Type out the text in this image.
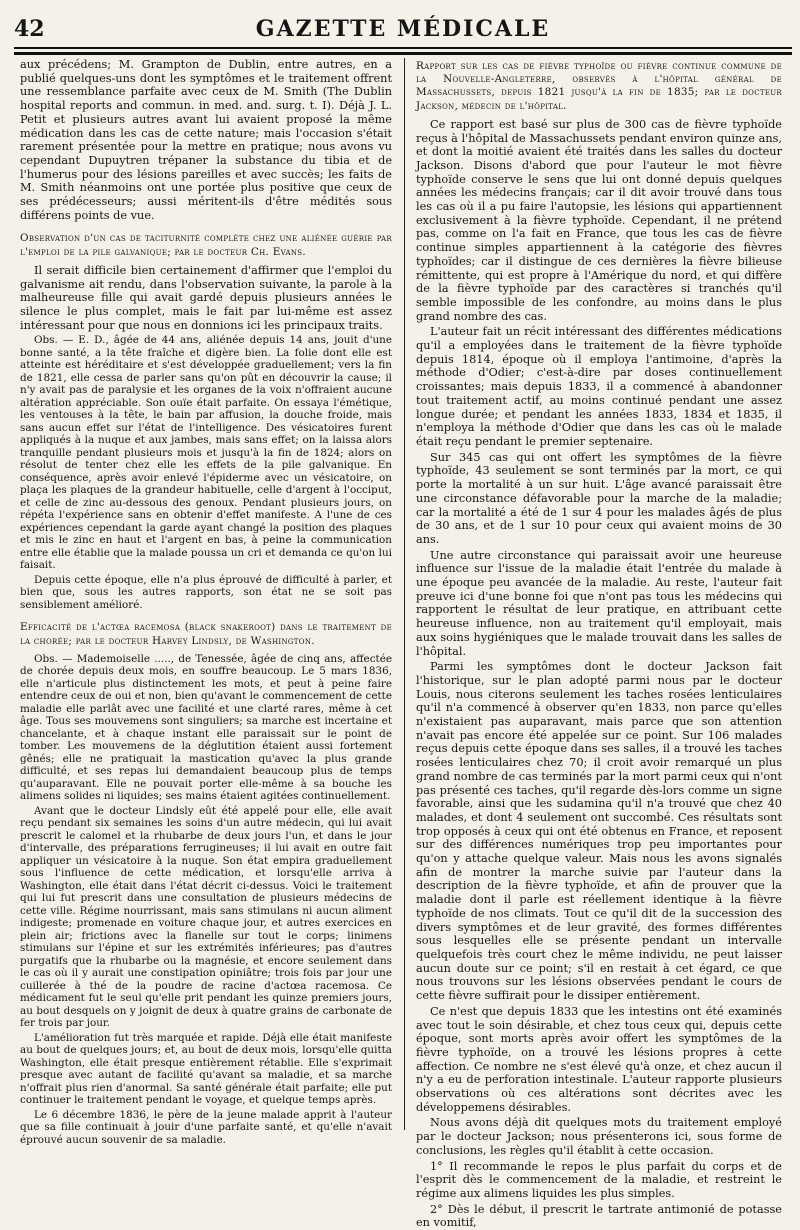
42	GAZETTE MÉDICALE

aux précédens; M. Grampton de Dublin, entre autres, en a publié quelques-uns dont les symptômes et le traitement offrent une ressemblance parfaite avec ceux de M. Smith (The Dublin hospital reports and commun. in med. and. surg. t. I). Déjà J. L. Petit et plusieurs autres avant lui avaient proposé la même médication dans les cas de cette nature; mais l'occasion s'était rarement présentée pour la mettre en pratique; nous avons vu cependant Dupuytren trépaner la substance du tibia et de l'humerus pour des lésions pareilles et avec succès; les faits de M. Smith néanmoins ont une portée plus positive que ceux de ses prédécesseurs; aussi méritent-ils d'être médités sous différens points de vue.

Observation d'un cas de taciturnité complète chez une aliénée guérie par l'emploi de la pile galvanique; par le docteur Ch. Evans.

Il serait difficile bien certainement d'affirmer que l'emploi du galvanisme ait rendu, dans l'observation suivante, la parole à la malheureuse fille qui avait gardé depuis plusieurs années le silence le plus complet, mais le fait par lui-même est assez intéressant pour que nous en donnions ici les principaux traits.

Obs. — E. D., âgée de 44 ans, aliénée depuis 14 ans, jouit d'une bonne santé, a la tête fraîche et digère bien. La folie dont elle est atteinte est héréditaire et s'est développée graduellement; vers la fin de 1821, elle cessa de parler sans qu'on pût en découvrir la cause; il n'y avait pas de paralysie et les organes de la voix n'offraient aucune altération appréciable. Son ouïe était parfaite. On essaya l'émétique, les ventouses à la tête, le bain par affusion, la douche froide, mais sans aucun effet sur l'état de l'intelligence. Des vésicatoires furent appliqués à la nuque et aux jambes, mais sans effet; on la laissa alors tranquille pendant plusieurs mois et jusqu'à la fin de 1824; alors on résolut de tenter chez elle les effets de la pile galvanique. En conséquence, après avoir enlevé l'épiderme avec un vésicatoire, on plaça les plaques de la grandeur habituelle, celle d'argent à l'occiput, et celle de zinc au-dessous des genoux. Pendant plusieurs jours, on répéta l'expérience sans en obtenir d'effet manifeste. A l'une de ces expériences cependant la garde ayant changé la position des plaques et mis le zinc en haut et l'argent en bas, à peine la communication entre elle établie que la malade poussa un cri et demanda ce qu'on lui faisait.

Depuis cette époque, elle n'a plus éprouvé de difficulté à parler, et bien que, sous les autres rapports, son état ne se soit pas sensiblement amélioré.

Efficacité de l'actœa racemosa (black snakeroot) dans le traitement de la chorée; par le docteur Harvey Lindsly, de Washington.

Obs. — Mademoiselle ....., de Tenessée, âgée de cinq ans, affectée de chorée depuis deux mois, en souffre beaucoup. Le 5 mars 1836, elle n'articule plus distinctement les mots, et peut à peine faire entendre ceux de oui et non, bien qu'avant le commencement de cette maladie elle parlât avec une facilité et une clarté rares, même à cet âge. Tous ses mouvemens sont singuliers; sa marche est incertaine et chancelante, et à chaque instant elle paraissait sur le point de tomber. Les mouvemens de la déglutition étaient aussi fortement gênés; elle ne pratiquait la mastication qu'avec la plus grande difficulté, et ses repas lui demandaient beaucoup plus de temps qu'auparavant. Elle ne pouvait porter elle-même à sa bouche les alimens solides ni liquides; ses mains étaient agitées continuellement.

Avant que le docteur Lindsly eût été appelé pour elle, elle avait reçu pendant six semaines les soins d'un autre médecin, qui lui avait prescrit le calomel et la rhubarbe de deux jours l'un, et dans le jour d'intervalle, des préparations ferrugineuses; il lui avait en outre fait appliquer un vésicatoire à la nuque. Son état empira graduellement sous l'influence de cette médication, et lorsqu'elle arriva à Washington, elle était dans l'état décrit ci-dessus. Voici le traitement qui lui fut prescrit dans une consultation de plusieurs médecins de cette ville. Régime nourrissant, mais sans stimulans ni aucun aliment indigeste; promenade en voiture chaque jour, et autres exercices en plein air; frictions avec la flanelle sur tout le corps; linimens stimulans sur l'épine et sur les extrémités inférieures; pas d'autres purgatifs que la rhubarbe ou la magnésie, et encore seulement dans le cas où il y aurait une constipation opiniâtre; trois fois par jour une cuillerée à thé de la poudre de racine d'actœa racemosa. Ce médicament fut le seul qu'elle prit pendant les quinze premiers jours, au bout desquels on y joignit de deux à quatre grains de carbonate de fer trois par jour.

L'amélioration fut très marquée et rapide. Déjà elle était manifeste au bout de quelques jours; et, au bout de deux mois, lorsqu'elle quitta Washington, elle était presque entièrement rétablie. Elle s'exprimait presque avec autant de facilité qu'avant sa maladie, et sa marche n'offrait plus rien d'anormal. Sa santé générale était parfaite; elle put continuer le traitement pendant le voyage, et quelque temps après.

Le 6 décembre 1836, le père de la jeune malade apprit à l'auteur que sa fille continuait à jouir d'une parfaite santé, et qu'elle n'avait éprouvé aucun souvenir de sa maladie.

Rapport sur les cas de fièvre typhoïde ou fièvre continue commune de la Nouvelle-Angleterre, observés à l'hôpital général de Massachussets, depuis 1821 jusqu'à la fin de 1835; par le docteur Jackson, médecin de l'hôpital.

Ce rapport est basé sur plus de 300 cas de fièvre typhoïde reçus à l'hôpital de Massachussets pendant environ quinze ans, et dont la moitié avaient été traités dans les salles du docteur Jackson. Disons d'abord que pour l'auteur le mot fièvre typhoïde conserve le sens que lui ont donné depuis quelques années les médecins français; car il dit avoir trouvé dans tous les cas où il a pu faire l'autopsie, les lésions qui appartiennent exclusivement à la fièvre typhoïde. Cependant, il ne prétend pas, comme on l'a fait en France, que tous les cas de fièvre continue simples appartiennent à la catégorie des fièvres typhoïdes; car il distingue de ces dernières la fièvre bilieuse rémittente, qui est propre à l'Amérique du nord, et qui diffère de la fièvre typhoïde par des caractères si tranchés qu'il semble impossible de les confondre, au moins dans le plus grand nombre des cas.

L'auteur fait un récit intéressant des différentes médications qu'il a employées dans le traitement de la fièvre typhoïde depuis 1814, époque où il employa l'antimoine, d'après la méthode d'Odier; c'est-à-dire par doses continuellement croissantes; mais depuis 1833, il a commencé à abandonner tout traitement actif, au moins continué pendant une assez longue durée; et pendant les années 1833, 1834 et 1835, il n'employa la méthode d'Odier que dans les cas où le malade était reçu pendant le premier septenaire.

Sur 345 cas qui ont offert les symptômes de la fièvre typhoïde, 43 seulement se sont terminés par la mort, ce qui porte la mortalité à un sur huit. L'âge avancé paraissait être une circonstance défavorable pour la marche de la maladie; car la mortalité a été de 1 sur 4 pour les malades âgés de plus de 30 ans, et de 1 sur 10 pour ceux qui avaient moins de 30 ans.

Une autre circonstance qui paraissait avoir une heureuse influence sur l'issue de la maladie était l'entrée du malade à une époque peu avancée de la maladie. Au reste, l'auteur fait preuve ici d'une bonne foi que n'ont pas tous les médecins qui rapportent le résultat de leur pratique, en attribuant cette heureuse influence, non au traitement qu'il employait, mais aux soins hygiéniques que le malade trouvait dans les salles de l'hôpital.

Parmi les symptômes dont le docteur Jackson fait l'historique, sur le plan adopté parmi nous par le docteur Louis, nous citerons seulement les taches rosées lenticulaires qu'il n'a commencé à observer qu'en 1833, non parce qu'elles n'existaient pas auparavant, mais parce que son attention n'avait pas encore été appelée sur ce point. Sur 106 malades reçus depuis cette époque dans ses salles, il a trouvé les taches rosées lenticulaires chez 70; il croit avoir remarqué un plus grand nombre de cas terminés par la mort parmi ceux qui n'ont pas présenté ces taches, qu'il regarde dès-lors comme un signe favorable, ainsi que les sudamina qu'il n'a trouvé que chez 40 malades, et dont 4 seulement ont succombé. Ces résultats sont trop opposés à ceux qui ont été obtenus en France, et reposent sur des différences numériques trop peu importantes pour qu'on y attache quelque valeur. Mais nous les avons signalés afin de montrer la marche suivie par l'auteur dans la description de la fièvre typhoïde, et afin de prouver que la maladie dont il parle est réellement identique à la fièvre typhoïde de nos climats. Tout ce qu'il dit de la succession des divers symptômes et de leur gravité, des formes différentes sous lesquelles elle se présente pendant un intervalle quelquefois très court chez le même individu, ne peut laisser aucun doute sur ce point; s'il en restait à cet égard, ce que nous trouvons sur les lésions observées pendant le cours de cette fièvre suffirait pour le dissiper entièrement.

Ce n'est que depuis 1833 que les intestins ont été examinés avec tout le soin désirable, et chez tous ceux qui, depuis cette époque, sont morts après avoir offert les symptômes de la fièvre typhoïde, on a trouvé les lésions propres à cette affection. Ce nombre ne s'est élevé qu'à onze, et chez aucun il n'y a eu de perforation intestinale. L'auteur rapporte plusieurs observations où ces altérations sont décrites avec les développemens désirables.

Nous avons déjà dit quelques mots du traitement employé par le docteur Jackson; nous présenterons ici, sous forme de conclusions, les règles qu'il établit à cette occasion.

1° Il recommande le repos le plus parfait du corps et de l'esprit dès le commencement de la maladie, et restreint le régime aux alimens liquides les plus simples.

2° Dès le début, il prescrit le tartrate antimonié de potasse en vomitif,
